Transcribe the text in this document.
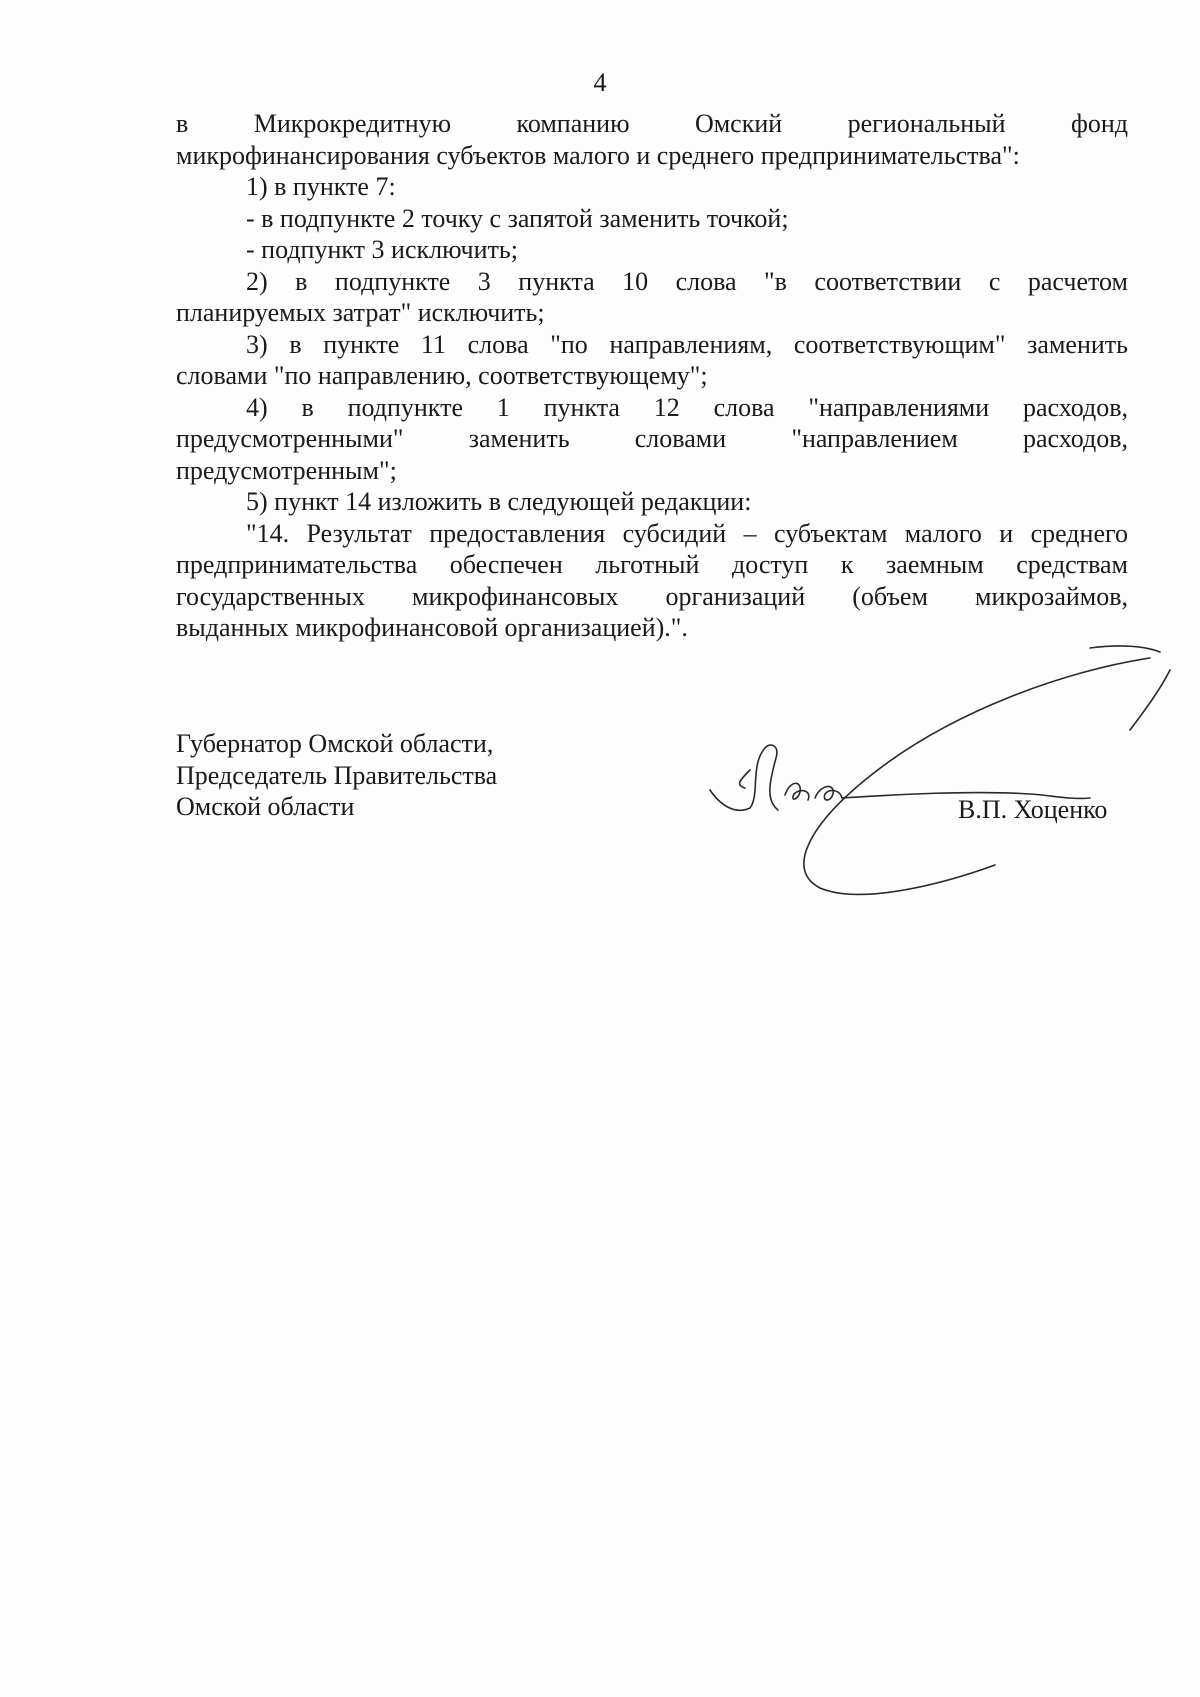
4

в Микрокредитную компанию Омский региональный фонд

микрофинансирования субъектов малого и среднего предпринимательства":

1) в пункте 7:

- в подпункте 2 точку с запятой заменить точкой;

- подпункт 3 исключить;

2) в подпункте 3 пункта 10 слова "в соответствии с расчетом

планируемых затрат" исключить;

3) в пункте 11 слова "по направлениям, соответствующим" заменить

словами "по направлению, соответствующему";

4) в подпункте 1 пункта 12 слова "направлениями расходов,

предусмотренными" заменить словами "направлением расходов,

предусмотренным";

5) пункт 14 изложить в следующей редакции:

"14. Результат предоставления субсидий – субъектам малого и среднего

предпринимательства обеспечен льготный доступ к заемным средствам

государственных микрофинансовых организаций (объем микрозаймов,

выданных микрофинансовой организацией).".

Губернатор Омской области,

Председатель Правительства

Омской области	В.П. Хоценко
